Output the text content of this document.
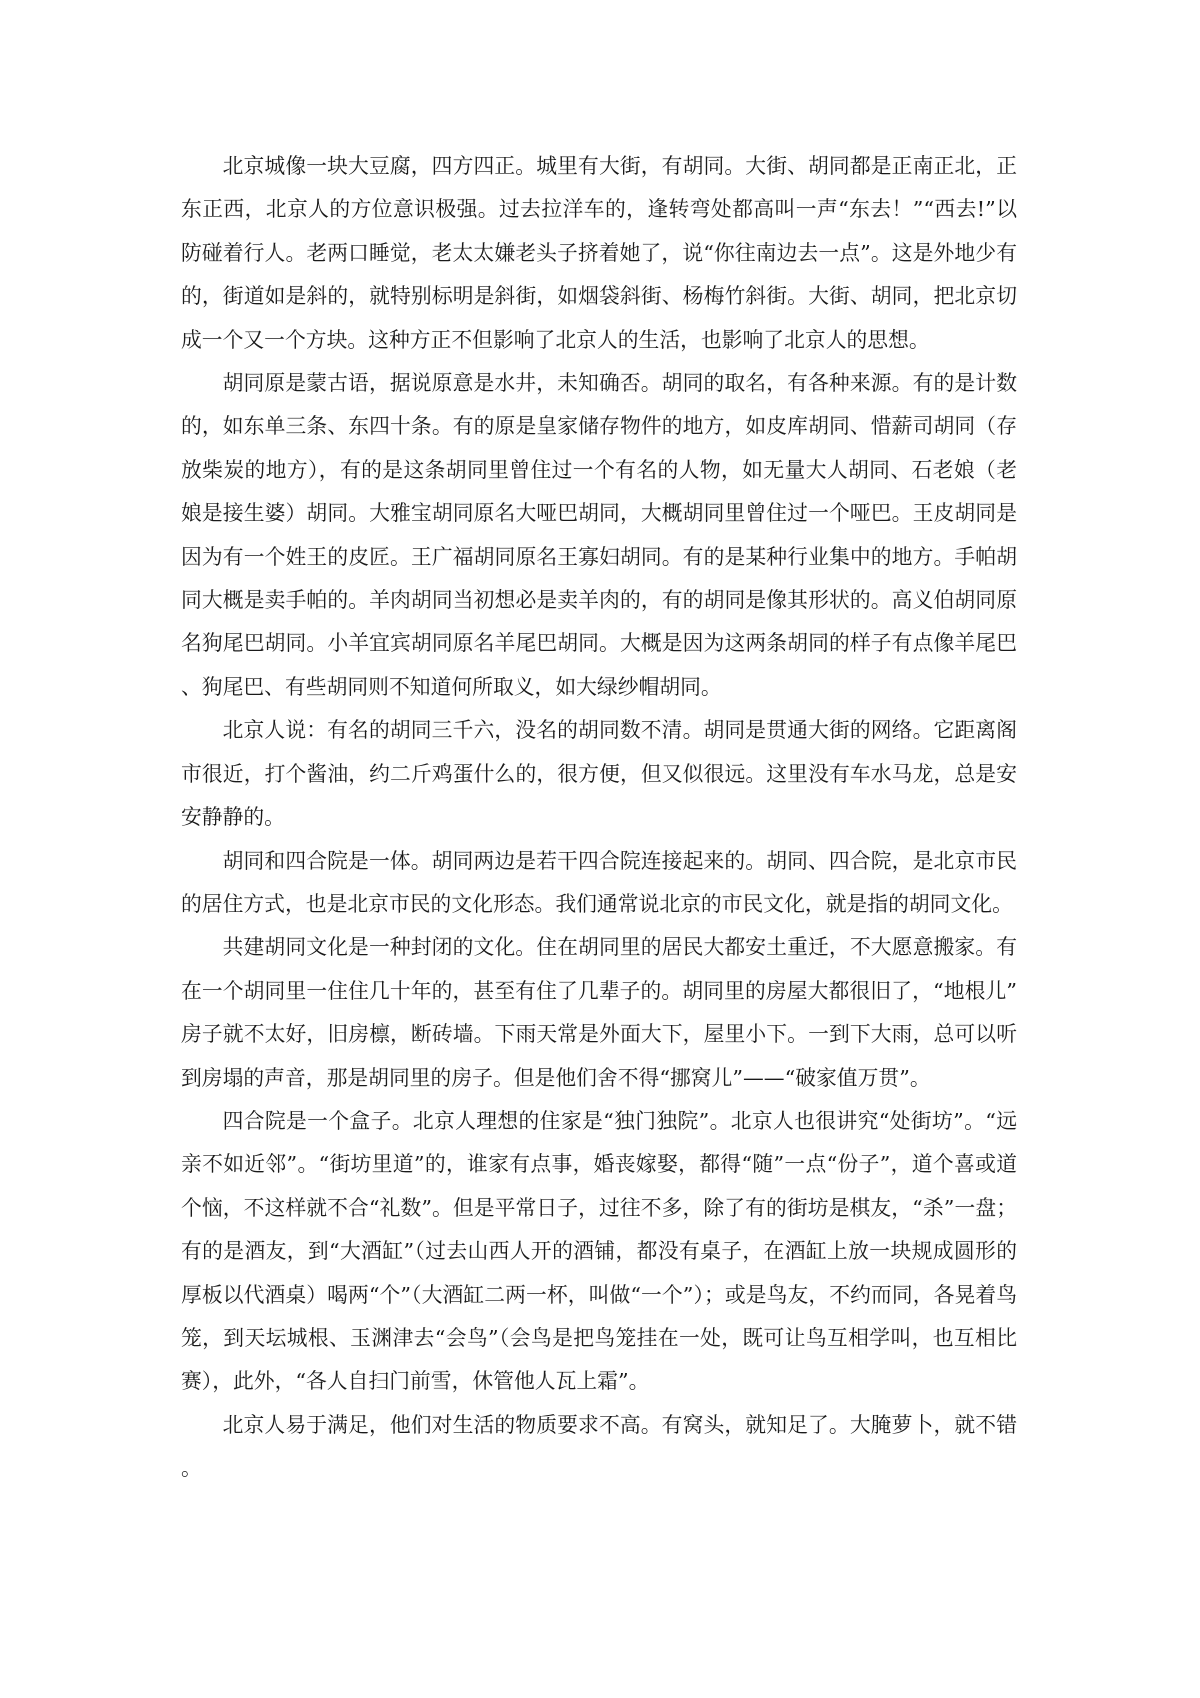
北京城像一块大豆腐，四方四正。城里有大街，有胡同。大街、胡同都是正南正北，正东正西，北京人的方位意识极强。过去拉洋车的，逢转弯处都高叫一声“东去！”“西去!”以防碰着行人。老两口睡觉，老太太嫌老头子挤着她了，说“你往南边去一点”。这是外地少有的，街道如是斜的，就特别标明是斜街，如烟袋斜街、杨梅竹斜街。大街、胡同，把北京切成一个又一个方块。这种方正不但影响了北京人的生活，也影响了北京人的思想。

胡同原是蒙古语，据说原意是水井，未知确否。胡同的取名，有各种来源。有的是计数的，如东单三条、东四十条。有的原是皇家储存物件的地方，如皮库胡同、惜薪司胡同（存放柴炭的地方），有的是这条胡同里曾住过一个有名的人物，如无量大人胡同、石老娘（老娘是接生婆）胡同。大雅宝胡同原名大哑巴胡同，大概胡同里曾住过一个哑巴。王皮胡同是因为有一个姓王的皮匠。王广福胡同原名王寡妇胡同。有的是某种行业集中的地方。手帕胡同大概是卖手帕的。羊肉胡同当初想必是卖羊肉的，有的胡同是像其形状的。高义伯胡同原名狗尾巴胡同。小羊宜宾胡同原名羊尾巴胡同。大概是因为这两条胡同的样子有点像羊尾巴、狗尾巴、有些胡同则不知道何所取义，如大绿纱帽胡同。

北京人说：有名的胡同三千六，没名的胡同数不清。胡同是贯通大街的网络。它距离阁市很近，打个酱油，约二斤鸡蛋什么的，很方便，但又似很远。这里没有车水马龙，总是安安静静的。

胡同和四合院是一体。胡同两边是若干四合院连接起来的。胡同、四合院，是北京市民的居住方式，也是北京市民的文化形态。我们通常说北京的市民文化，就是指的胡同文化。

共建胡同文化是一种封闭的文化。住在胡同里的居民大都安土重迁，不大愿意搬家。有在一个胡同里一住住几十年的，甚至有住了几辈子的。胡同里的房屋大都很旧了，“地根儿”房子就不太好，旧房檩，断砖墙。下雨天常是外面大下，屋里小下。一到下大雨，总可以听到房塌的声音，那是胡同里的房子。但是他们舍不得“挪窝儿”——“破家值万贯”。

四合院是一个盒子。北京人理想的住家是“独门独院”。北京人也很讲究“处街坊”。“远亲不如近邻”。“街坊里道”的，谁家有点事，婚丧嫁娶，都得“随”一点“份子”，道个喜或道个恼，不这样就不合“礼数”。但是平常日子，过往不多，除了有的街坊是棋友，“杀”一盘；有的是酒友，到“大酒缸”（过去山西人开的酒铺，都没有桌子，在酒缸上放一块规成圆形的厚板以代酒桌）喝两“个”（大酒缸二两一杯，叫做“一个”）；或是鸟友，不约而同，各晃着鸟笼，到天坛城根、玉渊津去“会鸟”（会鸟是把鸟笼挂在一处，既可让鸟互相学叫，也互相比赛），此外，“各人自扫门前雪，休管他人瓦上霜”。

北京人易于满足，他们对生活的物质要求不高。有窝头，就知足了。大腌萝卜，就不错。
